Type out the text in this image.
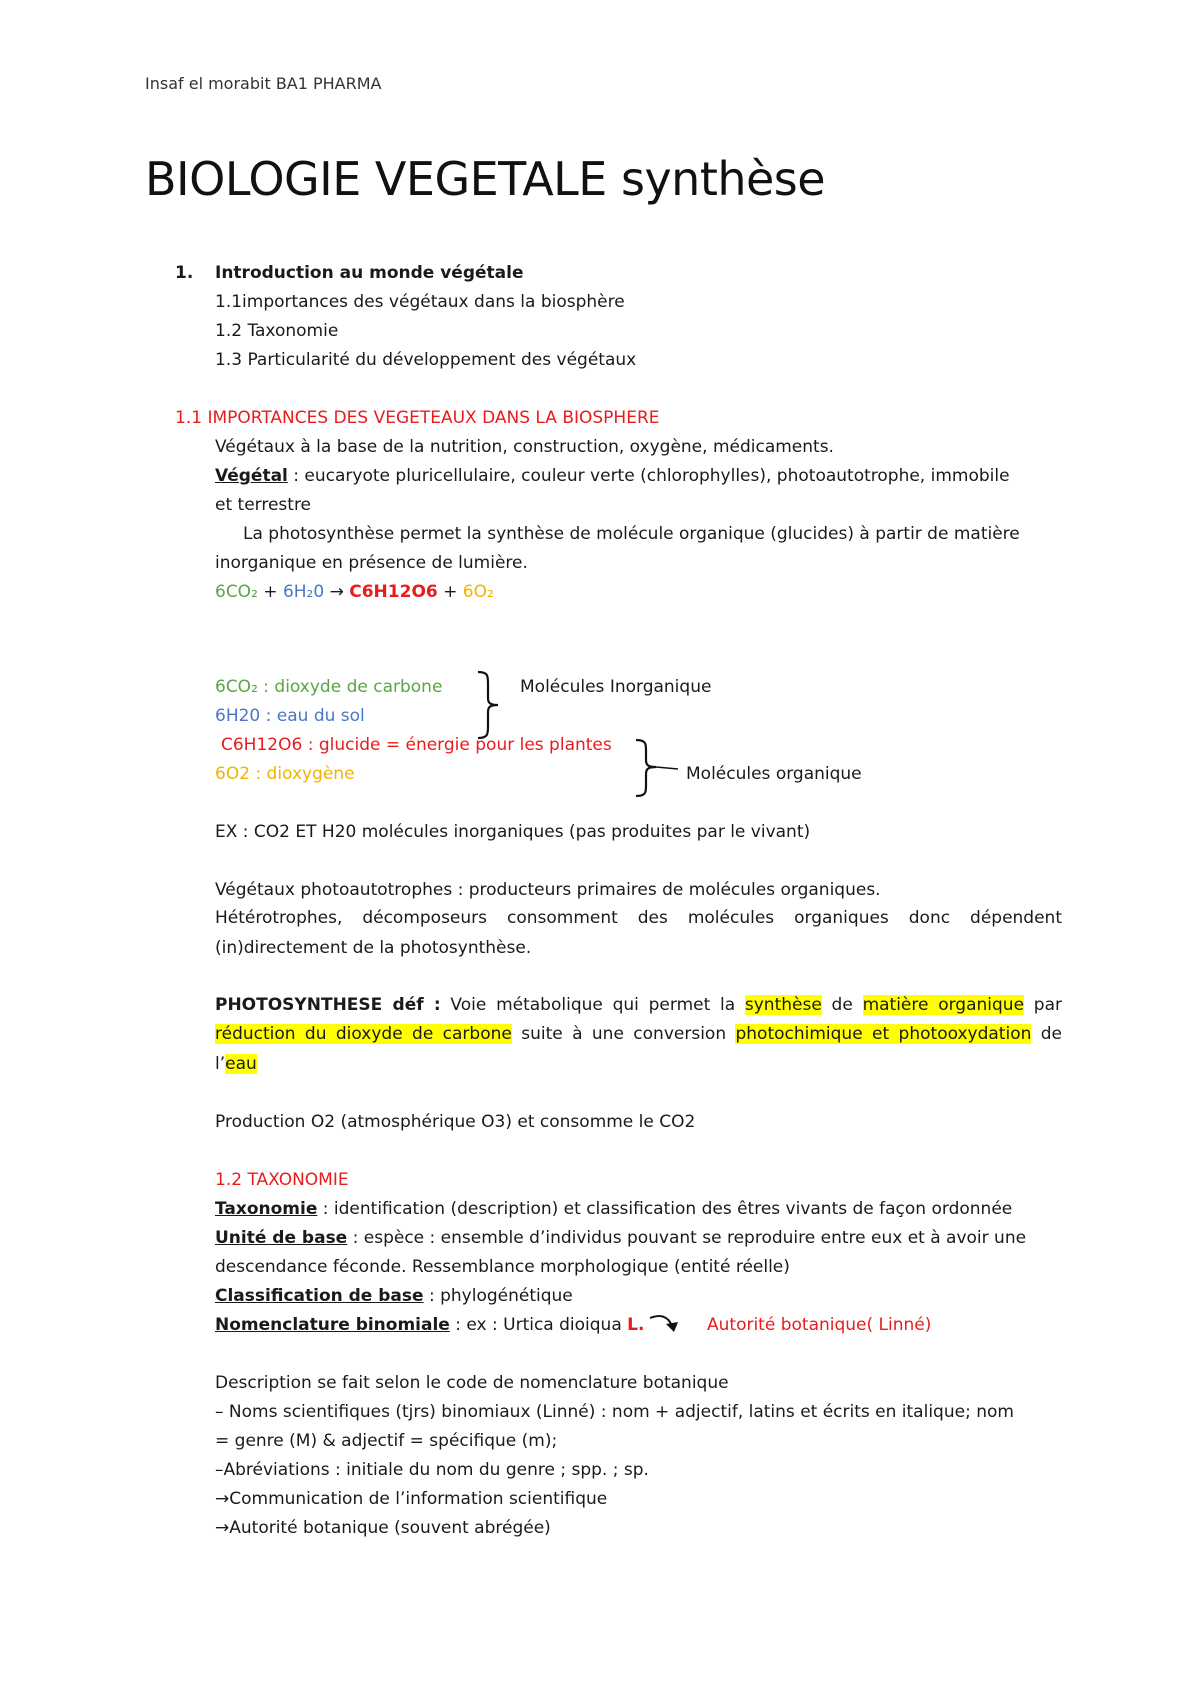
Insaf el morabit BA1 PHARMA
BIOLOGIE VEGETALE synthèse
1. Introduction au monde végétale
1.1importances des végétaux dans la biosphère
1.2 Taxonomie
1.3 Particularité du développement des végétaux
1.1 IMPORTANCES DES VEGETEAUX DANS LA BIOSPHERE
Végétaux à la base de la nutrition, construction, oxygène, médicaments.
Végétal : eucaryote pluricellulaire, couleur verte (chlorophylles), photoautotrophe, immobile
et terrestre
La photosynthèse permet la synthèse de molécule organique (glucides) à partir de matière
inorganique en présence de lumière.
6CO₂ + 6H₂0 → C6H12O6 + 6O₂
6CO₂ : dioxyde de carbone
6H20 : eau du sol
C6H12O6 : glucide = énergie pour les plantes
6O2 : dioxygène
Molécules Inorganique
Molécules organique
EX : CO2 ET H20 molécules inorganiques (pas produites par le vivant)
Végétaux photoautotrophes : producteurs primaires de molécules organiques.
Hétérotrophes, décomposeurs consomment des molécules organiques donc dépendent
(in)directement de la photosynthèse.
PHOTOSYNTHESE déf : Voie métabolique qui permet la synthèse de matière organique par
réduction du dioxyde de carbone suite à une conversion photochimique et photooxydation de
l’eau
Production O2 (atmosphérique O3) et consomme le CO2
1.2 TAXONOMIE
Taxonomie : identification (description) et classification des êtres vivants de façon ordonnée
Unité de base : espèce : ensemble d’individus pouvant se reproduire entre eux et à avoir une
descendance féconde. Ressemblance morphologique (entité réelle)
Classification de base : phylogénétique
Nomenclature binomiale : ex : Urtica dioiqua L.	Autorité botanique( Linné)
Description se fait selon le code de nomenclature botanique
– Noms scientifiques (tjrs) binomiaux (Linné) : nom + adjectif, latins et écrits en italique; nom
= genre (M) & adjectif = spécifique (m);
–Abréviations : initiale du nom du genre ; spp. ; sp.
→Communication de l’information scientifique
→Autorité botanique (souvent abrégée)
